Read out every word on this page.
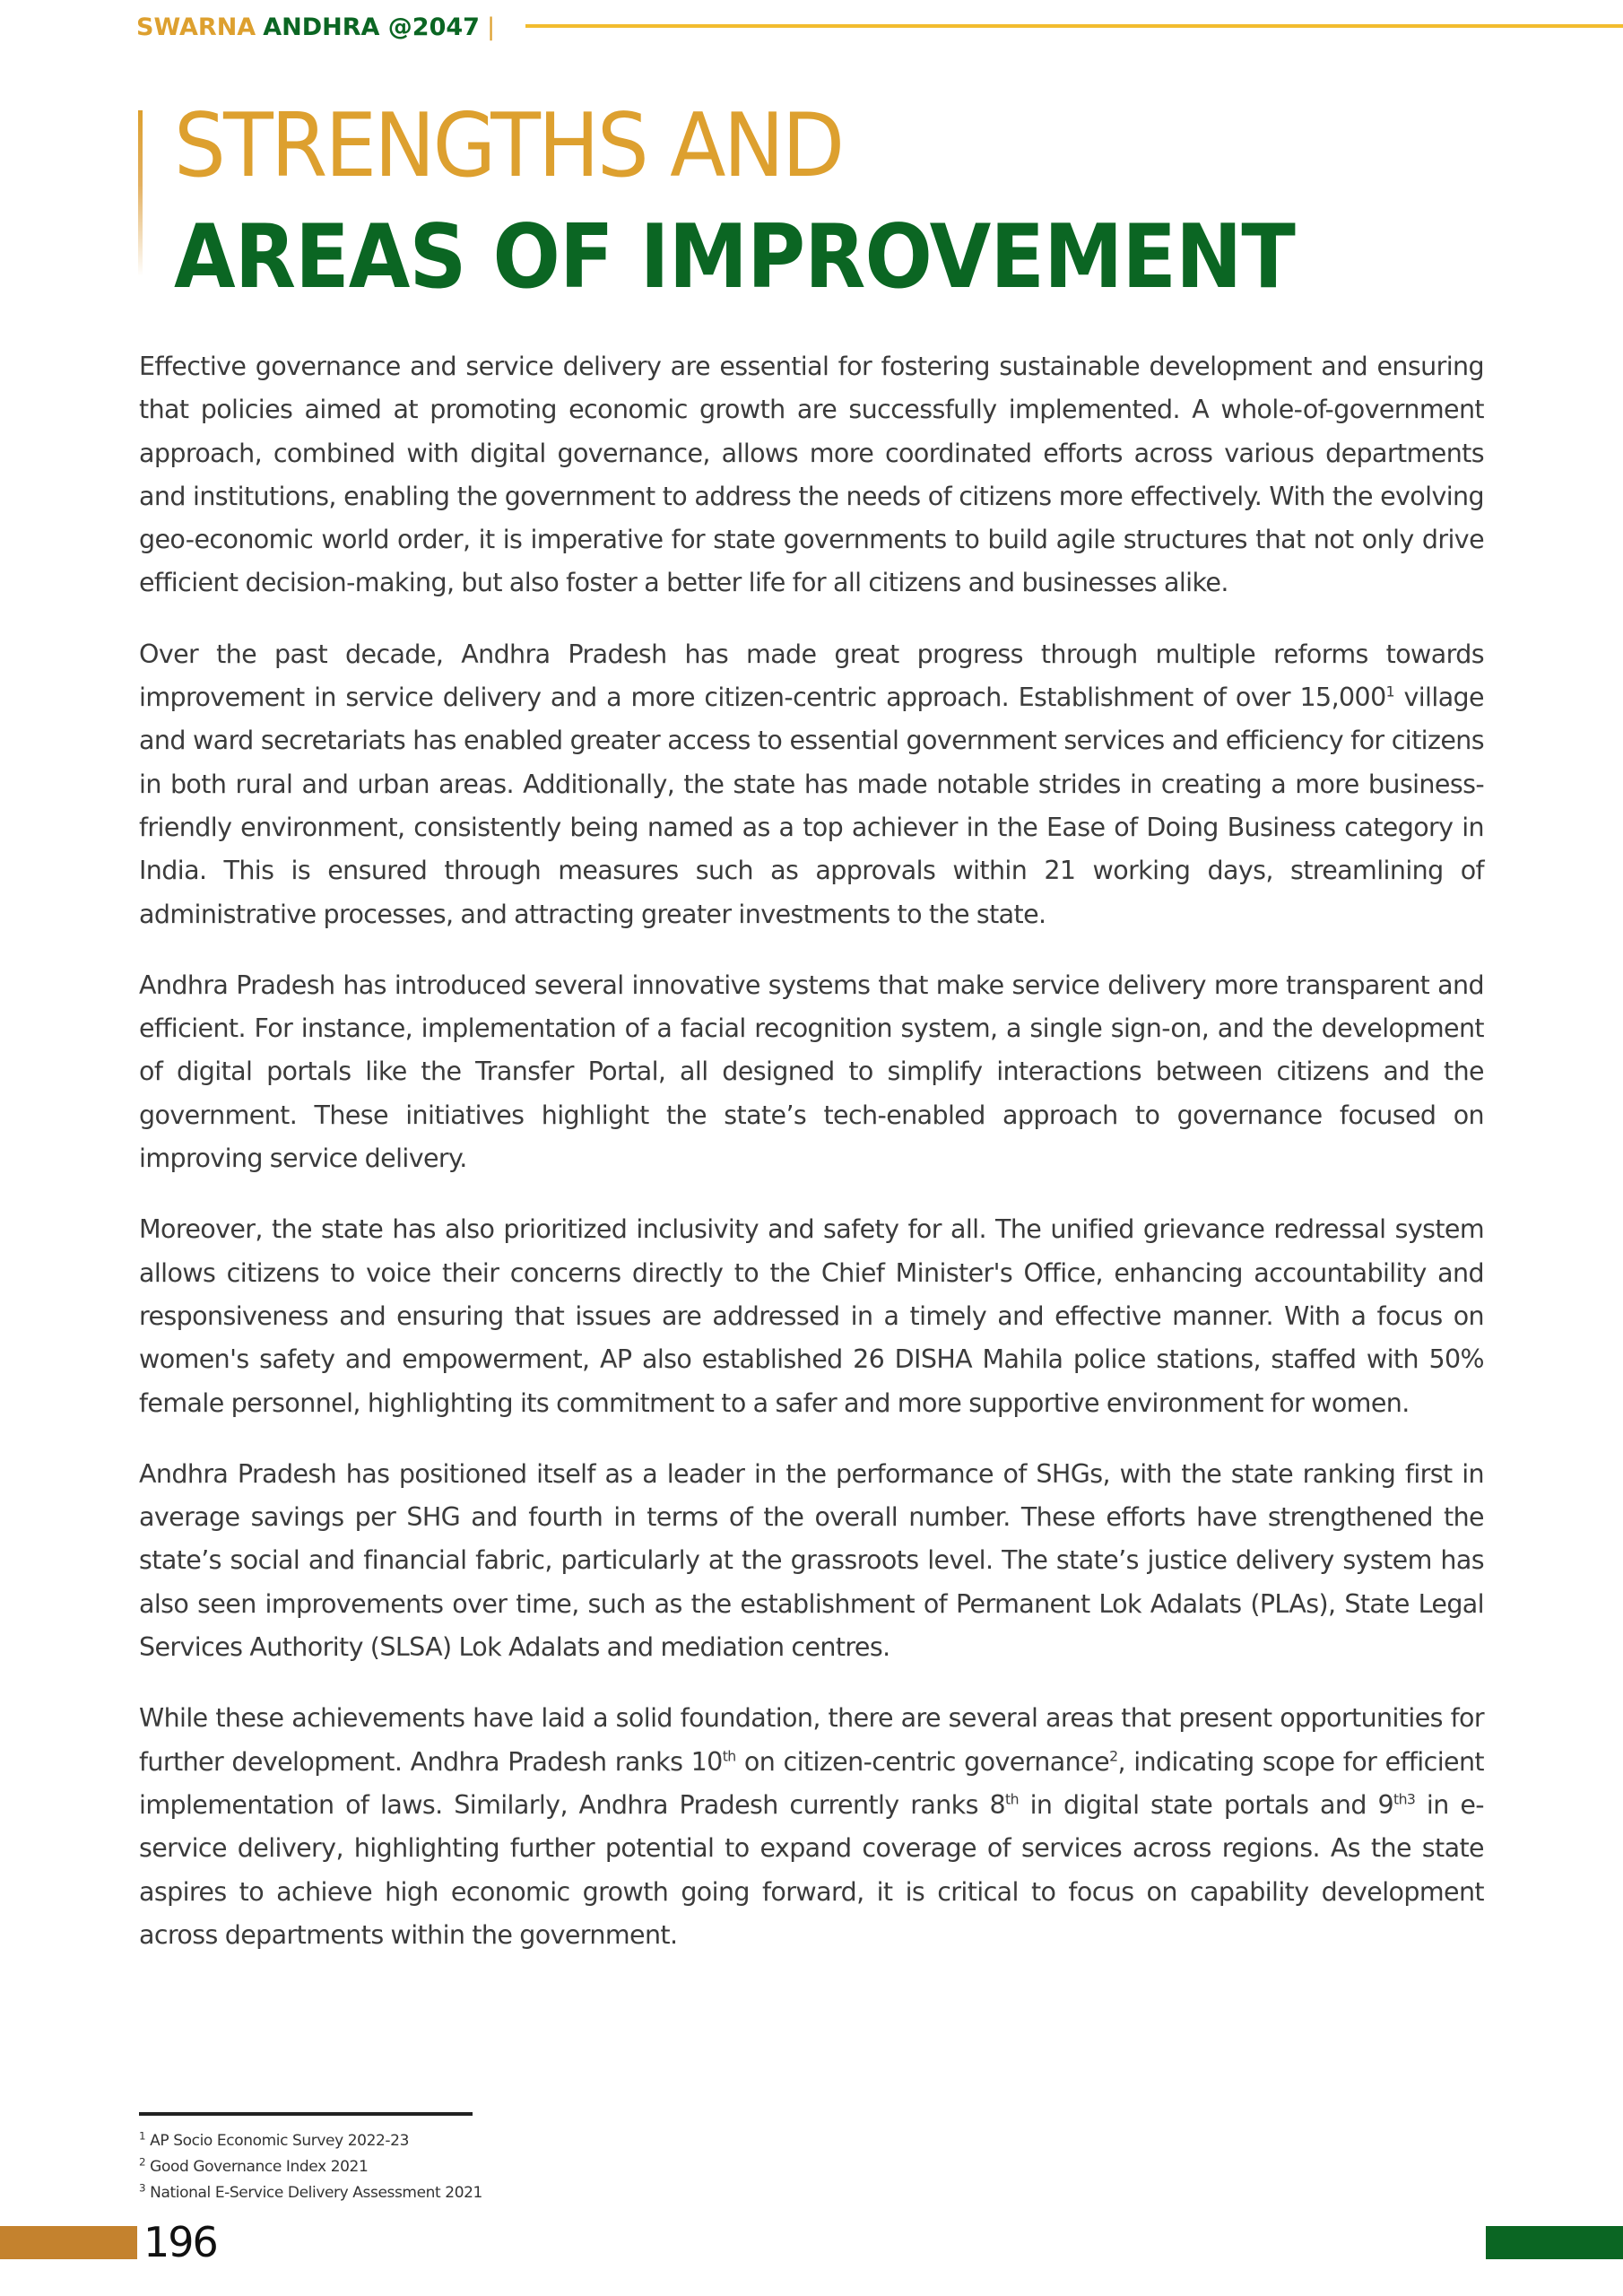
SWARNA ANDHRA @2047 |
STRENGTHS AND
AREAS OF IMPROVEMENT

Effective governance and service delivery are essential for fostering sustainable development and ensuring that policies aimed at promoting economic growth are successfully implemented. A whole-of-government approach, combined with digital governance, allows more coordinated efforts across various departments and institutions, enabling the government to address the needs of citizens more effectively. With the evolving geo-economic world order, it is imperative for state governments to build agile structures that not only drive efficient decision-making, but also foster a better life for all citizens and businesses alike.

Over the past decade, Andhra Pradesh has made great progress through multiple reforms towards improvement in service delivery and a more citizen-centric approach. Establishment of over 15,000$^1$ village and ward secretariats has enabled greater access to essential government services and efficiency for citizens in both rural and urban areas. Additionally, the state has made notable strides in creating a more business-friendly environment, consistently being named as a top achiever in the Ease of Doing Business category in India. This is ensured through measures such as approvals within 21 working days, streamlining of administrative processes, and attracting greater investments to the state.

Andhra Pradesh has introduced several innovative systems that make service delivery more transparent and efficient. For instance, implementation of a facial recognition system, a single sign-on, and the development of digital portals like the Transfer Portal, all designed to simplify interactions between citizens and the government. These initiatives highlight the state’s tech-enabled approach to governance focused on improving service delivery.

Moreover, the state has also prioritized inclusivity and safety for all. The unified grievance redressal system allows citizens to voice their concerns directly to the Chief Minister's Office, enhancing accountability and responsiveness and ensuring that issues are addressed in a timely and effective manner. With a focus on women's safety and empowerment, AP also established 26 DISHA Mahila police stations, staffed with 50% female personnel, highlighting its commitment to a safer and more supportive environment for women.

Andhra Pradesh has positioned itself as a leader in the performance of SHGs, with the state ranking first in average savings per SHG and fourth in terms of the overall number. These efforts have strengthened the state’s social and financial fabric, particularly at the grassroots level. The state’s justice delivery system has also seen improvements over time, such as the establishment of Permanent Lok Adalats (PLAs), State Legal Services Authority (SLSA) Lok Adalats and mediation centres.

While these achievements have laid a solid foundation, there are several areas that present opportunities for further development. Andhra Pradesh ranks 10th on citizen-centric governance$^2$, indicating scope for efficient implementation of laws. Similarly, Andhra Pradesh currently ranks 8th in digital state portals and $9^{th3}$ in e-service delivery, highlighting further potential to expand coverage of services across regions. As the state aspires to achieve high economic growth going forward, it is critical to focus on capability development across departments within the government.

$^1$ AP Socio Economic Survey 2022-23
$^2$ Good Governance Index 2021
$^3$ National E-Service Delivery Assessment 2021
196
